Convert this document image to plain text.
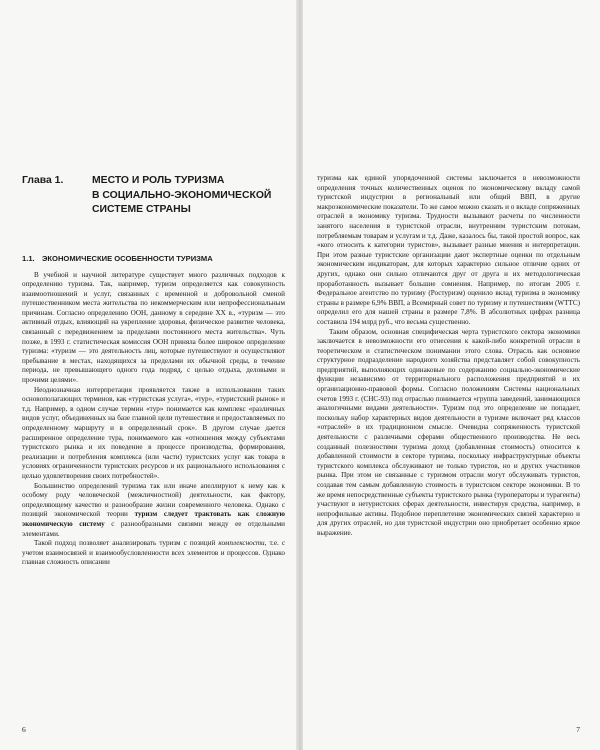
Глава 1.	МЕСТО И РОЛЬ ТУРИЗМА
В СОЦИАЛЬНО-ЭКОНОМИЧЕСКОЙ
СИСТЕМЕ СТРАНЫ
1.1. ЭКОНОМИЧЕСКИЕ ОСОБЕННОСТИ ТУРИЗМА

В учебной и научной литературе существует много различных подходов к определению туризма. Так, например, туризм определяется как совокупность взаимоотношений и услуг, связанных с временной и добровольной сменой путешественником места жительства по некоммерческим или непрофессиональным причинам. Согласно определению ООН, данному в середине XX в., «туризм — это активный отдых, влияющий на укрепление здоровья, физическое развитие человека, связанный с передвижением за пределами постоянного места жительства». Чуть позже, в 1993 г. статистическая комиссия ООН приняла более широкое определение туризма: «туризм — это деятельность лиц, которые путешествуют и осуществляют пребывание в местах, находящихся за пределами их обычной среды, в течение периода, не превышающего одного года подряд, с целью отдыха, деловыми и прочими целями».

Неоднозначная интерпретация проявляется также в использовании таких основополагающих терминов, как «туристская услуга», «тур», «туристский рынок» и т.д. Например, в одном случае термин «тур» понимается как комплекс «различных видов услуг, объединенных на базе главной цели путешествия и предоставляемых по определенному маршруту и в определенный срок». В другом случае дается расширенное определение тура, понимаемого как «отношения между субъектами туристского рынка и их поведение в процессе производства, формирования, реализации и потребления комплекса (или части) туристских услуг как товара в условиях ограниченности туристских ресурсов и их рационального использования с целью удовлетворения своих потребностей».

Большинство определений туризма так или иначе апеллируют к нему как к особому роду человеческой (межличностной) деятельности, как фактору, определяющему качество и разнообразие жизни современного человека. Однако с позиций экономической теории туризм следует трактовать как сложную экономическую систему с разнообразными связями между ее отдельными элементами.

Такой подход позволяет анализировать туризм с позиций комплексности, т.е. с учетом взаимосвязей и взаимообусловленности всех элементов и процессов. Однако главная сложность описании

6

туризма как единой упорядоченной системы заключается в невозможности определения точных количественных оценок по экономическому вкладу самой туристской индустрии в региональный или общий ВВП, в другие макроэкономические показатели. То же самое можно сказать и о вкладе сопряженных отраслей в экономику туризма. Трудности вызывают расчеты по численности занятого населения в туристской отрасли, внутренним туристским потокам, потребляемым товарам и услугам и т.д. Даже, казалось бы, такой простой вопрос, как «кого относить к категории туристов», вызывает разные мнения и интерпретации. При этом разные туристские организации дают экспертные оценки по отдельным экономическим индикаторам, для которых характерно сильное отличие одних от других, однако они сильно отличаются друг от друга и их методологическая проработанность вызывает большие сомнения. Например, по итогам 2005 г. Федеральное агентство по туризму (Ростуризм) оценило вклад туризма в экономику страны в размере 6,9% ВВП, а Всемирный совет по туризму и путешествиям (WTTC) определил его для нашей страны в размере 7,8%. В абсолютных цифрах разница составила 194 млрд руб., что весьма существенно.

Таким образом, основная специфическая черта туристского сектора экономики заключается в невозможности его отнесения к какой-либо конкретной отрасли в теоретическом и статистическом понимании этого слова. Отрасль как основное структурное подразделение народного хозяйства представляет собой совокупность предприятий, выполняющих одинаковые по содержанию социально-экономические функции независимо от территориального расположения предприятий и их организационно-правовой формы. Согласно положениям Системы национальных счетов 1993 г. (СНС-93) под отраслью понимается «группа заведений, занимающихся аналогичными видами деятельности». Туризм под это определение не попадает, поскольку набор характерных видов деятельности в туризме включает ряд классов «отраслей» в их традиционном смысле. Очевидна сопряженность туристской деятельности с различными сферами общественного производства. Не весь созданный полезностями туризма доход (добавленная стоимость) относится к добавленной стоимости в секторе туризма, поскольку инфраструктурные объекты туристского комплекса обслуживают не только туристов, но и других участников рынка. При этом не связанные с туризмом отрасли могут обслуживать туристов, создавая тем самым добавленную стоимость в туристском секторе экономики. В то же время непосредственные субъекты туристского рынка (туроператоры и турагенты) участвуют в нетуристских сферах деятельности, инвестируя средства, например, в непрофильные активы. Подобное переплетение экономических связей характерно и для других отраслей, но для туристской индустрии оно приобретает особенно яркое выражение.

7
